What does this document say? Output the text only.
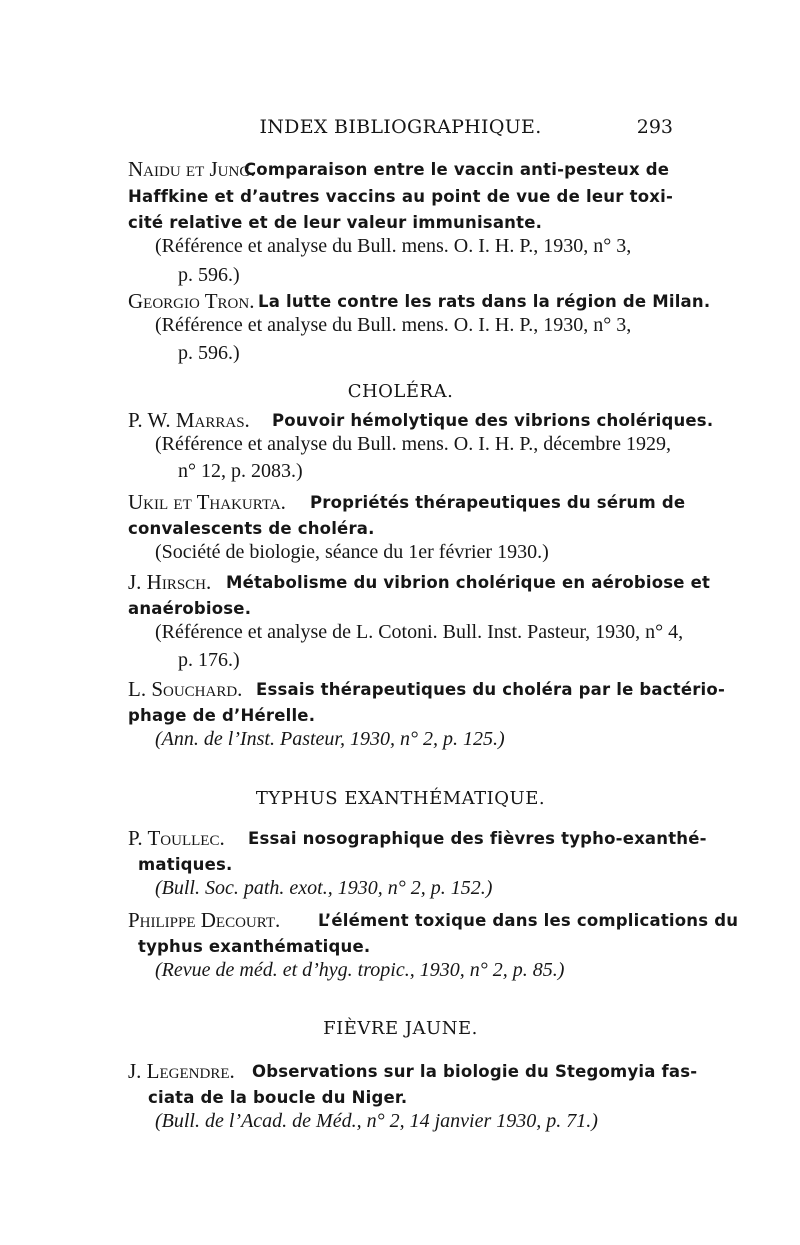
INDEX BIBLIOGRAPHIQUE.	293
Naidu et Jung.
Comparaison entre le vaccin anti-pesteux de
Haffkine et d’autres vaccins au point de vue de leur toxi-
cité relative et de leur valeur immunisante.
(Référence et analyse du Bull. mens. O. I. H. P., 1930, n° 3,
p. 596.)
Georgio Tron. La lutte contre les rats dans la région de Milan.
(Référence et analyse du Bull. mens. O. I. H. P., 1930, n° 3,
p. 596.)
CHOLÉRA.
P. W. Marras. Pouvoir hémolytique des vibrions cholériques.
(Référence et analyse du Bull. mens. O. I. H. P., décembre 1929,
n° 12, p. 2083.)
Ukil et Thakurta. Propriétés thérapeutiques du sérum de
convalescents de choléra.
(Société de biologie, séance du 1er février 1930.)
J. Hirsch. Métabolisme du vibrion cholérique en aérobiose et
anaérobiose.
(Référence et analyse de L. Cotoni. Bull. Inst. Pasteur, 1930, n° 4,
p. 176.)
L. Souchard. Essais thérapeutiques du choléra par le bactério-
phage de d’Hérelle.
(Ann. de l’Inst. Pasteur, 1930, n° 2, p. 125.)
TYPHUS EXANTHÉMATIQUE.
P. Toullec. Essai nosographique des fièvres typho-exanthé-
matiques.
(Bull. Soc. path. exot., 1930, n° 2, p. 152.)
Philippe Decourt. L’élément toxique dans les complications du
typhus exanthématique.
(Revue de méd. et d’hyg. tropic., 1930, n° 2, p. 85.)
FIÈVRE JAUNE.
J. Legendre. Observations sur la biologie du Stegomyia fas-
ciata de la boucle du Niger.
(Bull. de l’Acad. de Méd., n° 2, 14 janvier 1930, p. 71.)
